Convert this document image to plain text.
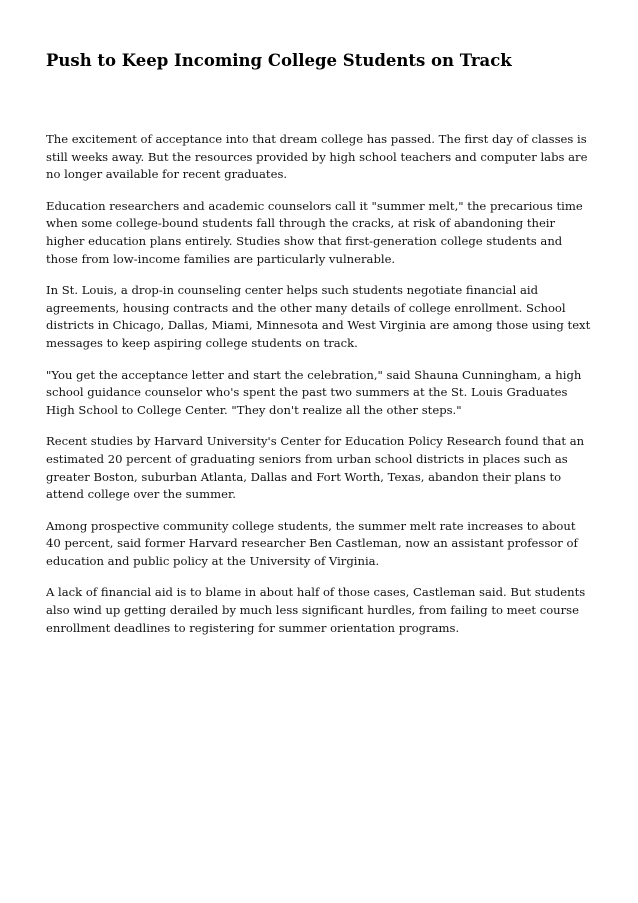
Push to Keep Incoming College Students on Track

The excitement of acceptance into that dream college has passed. The first day of classes is still weeks away. But the resources provided by high school teachers and computer labs are no longer available for recent graduates.

Education researchers and academic counselors call it "summer melt," the precarious time when some college-bound students fall through the cracks, at risk of abandoning their higher education plans entirely. Studies show that first-generation college students and those from low-income families are particularly vulnerable.

In St. Louis, a drop-in counseling center helps such students negotiate financial aid agreements, housing contracts and the other many details of college enrollment. School districts in Chicago, Dallas, Miami, Minnesota and West Virginia are among those using text messages to keep aspiring college students on track.

"You get the acceptance letter and start the celebration," said Shauna Cunningham, a high school guidance counselor who's spent the past two summers at the St. Louis Graduates High School to College Center. "They don't realize all the other steps."

Recent studies by Harvard University's Center for Education Policy Research found that an estimated 20 percent of graduating seniors from urban school districts in places such as greater Boston, suburban Atlanta, Dallas and Fort Worth, Texas, abandon their plans to attend college over the summer.

Among prospective community college students, the summer melt rate increases to about 40 percent, said former Harvard researcher Ben Castleman, now an assistant professor of education and public policy at the University of Virginia.

A lack of financial aid is to blame in about half of those cases, Castleman said. But students also wind up getting derailed by much less significant hurdles, from failing to meet course enrollment deadlines to registering for summer orientation programs.
